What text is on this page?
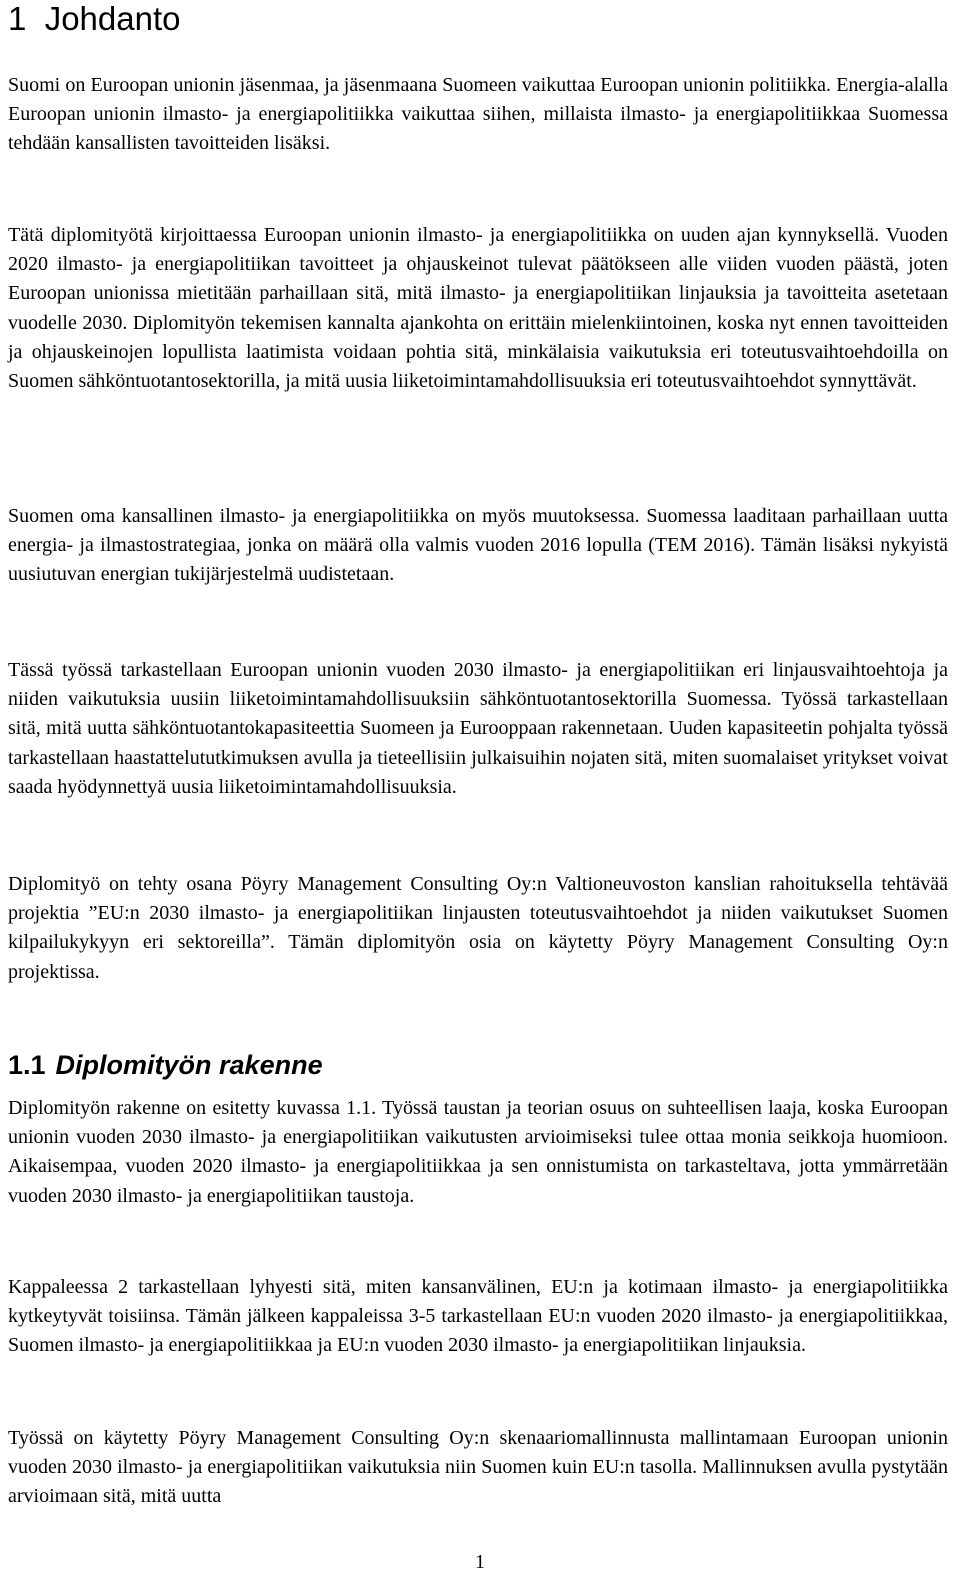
1 Johdanto

Suomi on Euroopan unionin jäsenmaa, ja jäsenmaana Suomeen vaikuttaa Euroopan unionin politiikka. Energia-alalla Euroopan unionin ilmasto- ja energiapolitiikka vaikuttaa siihen, millaista ilmasto- ja energiapolitiikkaa Suomessa tehdään kansallisten tavoitteiden lisäksi.

Tätä diplomityötä kirjoittaessa Euroopan unionin ilmasto- ja energiapolitiikka on uuden ajan kynnyksellä. Vuoden 2020 ilmasto- ja energiapolitiikan tavoitteet ja ohjauskeinot tulevat päätökseen alle viiden vuoden päästä, joten Euroopan unionissa mietitään parhaillaan sitä, mitä ilmasto- ja energiapolitiikan linjauksia ja tavoitteita asetetaan vuodelle 2030. Diplomityön tekemisen kannalta ajankohta on erittäin mielenkiintoinen, koska nyt ennen tavoitteiden ja ohjauskeinojen lopullista laatimista voidaan pohtia sitä, minkälaisia vaikutuksia eri toteutusvaihtoehdoilla on Suomen sähköntuotantosektorilla, ja mitä uusia liiketoimintamahdollisuuksia eri toteutusvaihtoehdot synnyttävät.

Suomen oma kansallinen ilmasto- ja energiapolitiikka on myös muutoksessa. Suomessa laaditaan parhaillaan uutta energia- ja ilmastostrategiaa, jonka on määrä olla valmis vuoden 2016 lopulla (TEM 2016). Tämän lisäksi nykyistä uusiutuvan energian tukijärjestelmä uudistetaan.

Tässä työssä tarkastellaan Euroopan unionin vuoden 2030 ilmasto- ja energiapolitiikan eri linjausvaihtoehtoja ja niiden vaikutuksia uusiin liiketoimintamahdollisuuksiin sähköntuotantosektorilla Suomessa. Työssä tarkastellaan sitä, mitä uutta sähköntuotantokapasiteettia Suomeen ja Eurooppaan rakennetaan. Uuden kapasiteetin pohjalta työssä tarkastellaan haastattelututkimuksen avulla ja tieteellisiin julkaisuihin nojaten sitä, miten suomalaiset yritykset voivat saada hyödynnettyä uusia liiketoimintamahdollisuuksia.

Diplomityö on tehty osana Pöyry Management Consulting Oy:n Valtioneuvoston kanslian rahoituksella tehtävää projektia ”EU:n 2030 ilmasto- ja energiapolitiikan linjausten toteutusvaihtoehdot ja niiden vaikutukset Suomen kilpailukykyyn eri sektoreilla”. Tämän diplomityön osia on käytetty Pöyry Management Consulting Oy:n projektissa.

1.1 Diplomityön rakenne

Diplomityön rakenne on esitetty kuvassa 1.1. Työssä taustan ja teorian osuus on suhteellisen laaja, koska Euroopan unionin vuoden 2030 ilmasto- ja energiapolitiikan vaikutusten arvioimiseksi tulee ottaa monia seikkoja huomioon. Aikaisempaa, vuoden 2020 ilmasto- ja energiapolitiikkaa ja sen onnistumista on tarkasteltava, jotta ymmärretään vuoden 2030 ilmasto- ja energiapolitiikan taustoja.

Kappaleessa 2 tarkastellaan lyhyesti sitä, miten kansanvälinen, EU:n ja kotimaan ilmasto- ja energiapolitiikka kytkeytyvät toisiinsa. Tämän jälkeen kappaleissa 3-5 tarkastellaan EU:n vuoden 2020 ilmasto- ja energiapolitiikkaa, Suomen ilmasto- ja energiapolitiikkaa ja EU:n vuoden 2030 ilmasto- ja energiapolitiikan linjauksia.

Työssä on käytetty Pöyry Management Consulting Oy:n skenaariomallinnusta mallintamaan Euroopan unionin vuoden 2030 ilmasto- ja energiapolitiikan vaikutuksia niin Suomen kuin EU:n tasolla. Mallinnuksen avulla pystytään arvioimaan sitä, mitä uutta

1
